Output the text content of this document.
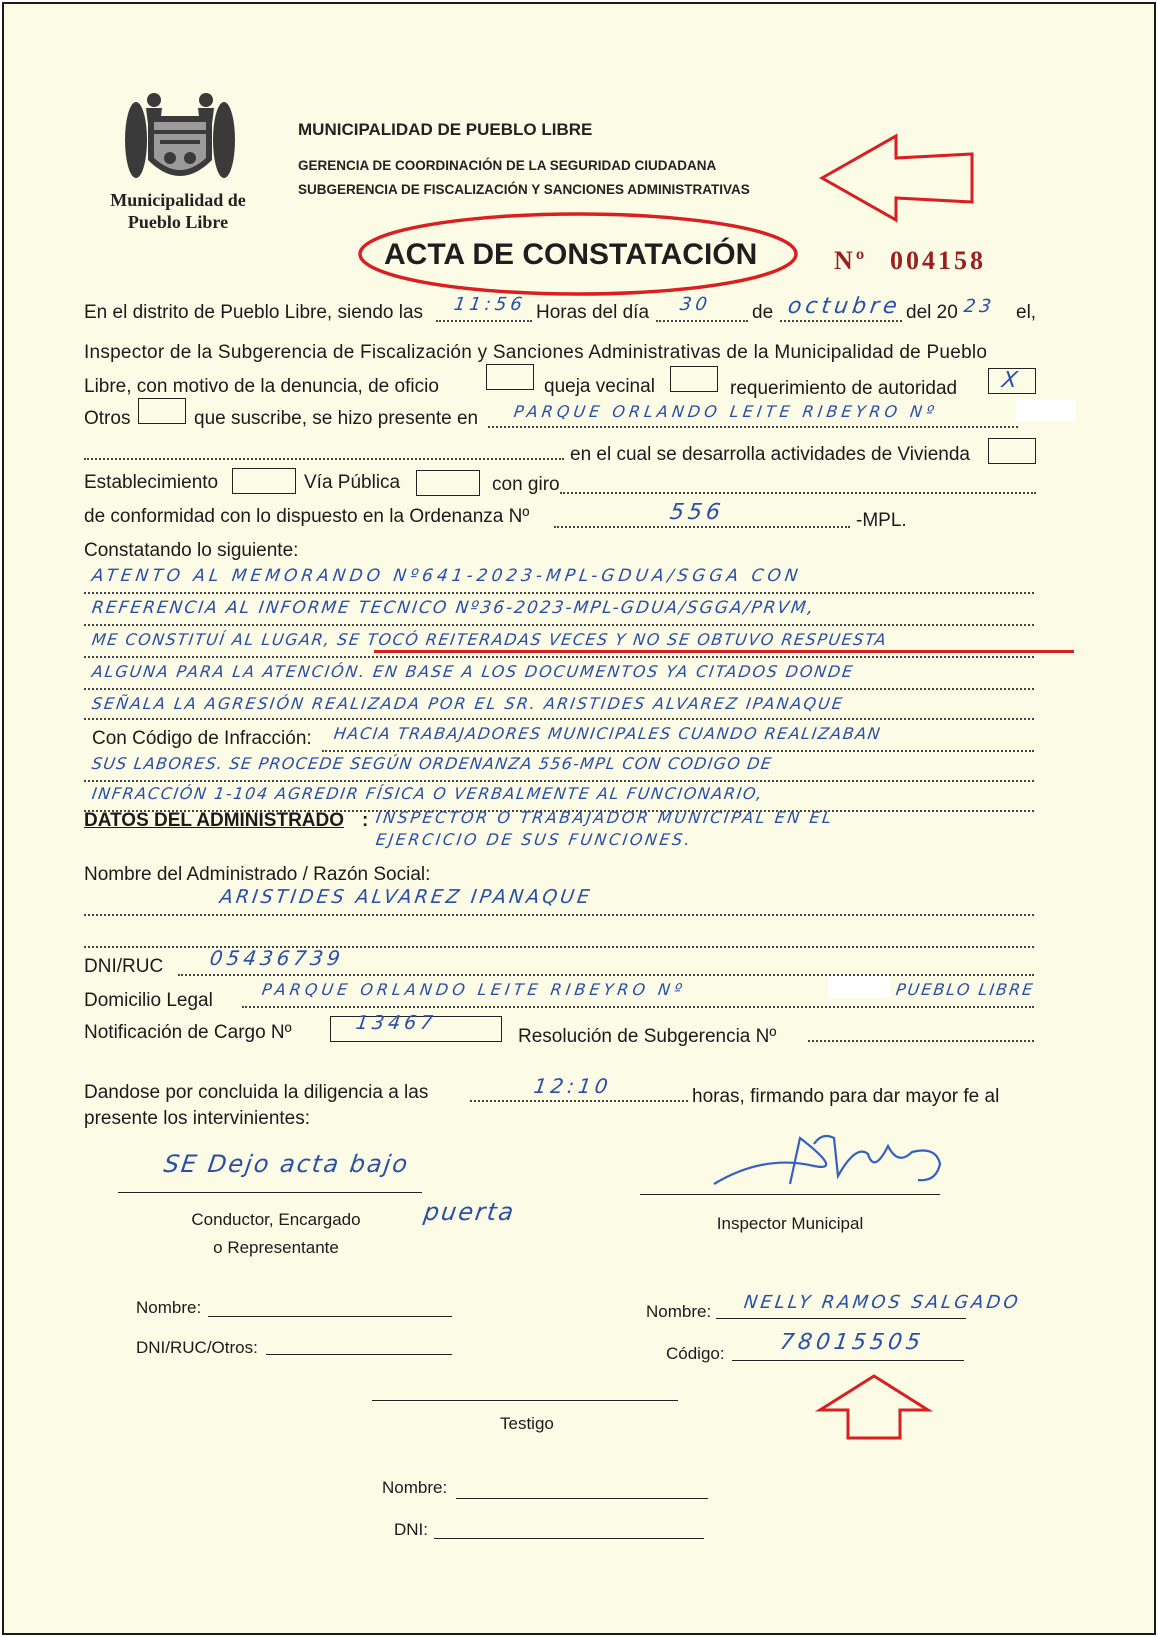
Municipalidad de
Pueblo Libre
MUNICIPALIDAD DE PUEBLO LIBRE
GERENCIA DE COORDINACIÓN DE LA SEGURIDAD CIUDADANA
SUBGERENCIA DE FISCALIZACIÓN Y SANCIONES ADMINISTRATIVAS
ACTA DE CONSTATACIÓN	Nº 004158
En el distrito de Pueblo Libre, siendo las 11:56 Horas del día 30 de octubre del 20 23 el,
Inspector de la Subgerencia de Fiscalización y Sanciones Administrativas de la Municipalidad de Pueblo
Libre, con motivo de la denuncia, de oficio	queja vecinal	requerimiento de autoridad X
Otros	que suscribe, se hizo presente en PARQUE ORLANDO LEITE RIBEYRO Nº
en el cual se desarrolla actividades de Vivienda
Establecimiento	Vía Pública	con giro
de conformidad con lo dispuesto en la Ordenanza Nº	556	-MPL.
Constatando lo siguiente:
ATENTO AL MEMORANDO Nº641-2023-MPL-GDUA/SGGA CON
REFERENCIA AL INFORME TECNICO Nº36-2023-MPL-GDUA/SGGA/PRVM,
ME CONSTITUÍ AL LUGAR, SE TOCÓ REITERADAS VECES Y NO SE OBTUVO RESPUESTA
ALGUNA PARA LA ATENCIÓN. EN BASE A LOS DOCUMENTOS YA CITADOS DONDE
SEÑALA LA AGRESIÓN REALIZADA POR EL SR. ARISTIDES ALVAREZ IPANAQUE
Con Código de Infracción: HACIA TRABAJADORES MUNICIPALES CUANDO REALIZABAN
SUS LABORES. SE PROCEDE SEGÚN ORDENANZA 556-MPL CON CODIGO DE
INFRACCIÓN 1-104 AGREDIR FÍSICA O VERBALMENTE AL FUNCIONARIO,
DATOS DEL ADMINISTRADO : INSPECTOR O TRABAJADOR MUNICIPAL EN EL
EJERCICIO DE SUS FUNCIONES.
Nombre del Administrado / Razón Social:
ARISTIDES ALVAREZ IPANAQUE
DNI/RUC 05436739
Domicilio Legal
PARQUE ORLANDO LEITE RIBEYRO Nº	PUEBLO LIBRE
Notificación de Cargo Nº	13467
Resolución de Subgerencia Nº
Dandose por concluida la diligencia a las	12:10	horas, firmando para dar mayor fe al
presente los intervinientes:
SE Dejo acta bajo
puerta
Conductor, Encargado
o Representante
Inspector Municipal
Nombre:
DNI/RUC/Otros:
Nombre: NELLY RAMOS SALGADO
Código: 78015505
Testigo
Nombre:
DNI:
